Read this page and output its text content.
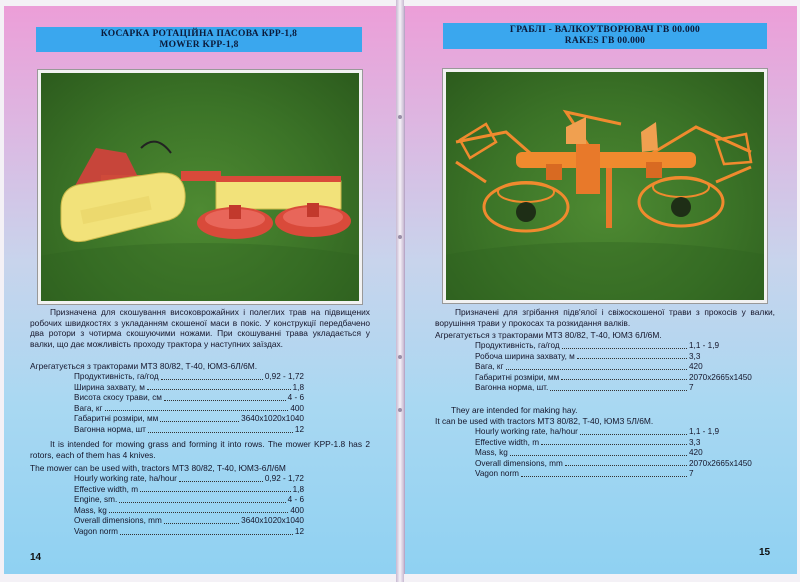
КОСАРКА РОТАЦІЙНА ПАСОВА КРР-1,8
MOWER KPP-1,8
Призначена для скошування високоврожайних і полеглих трав на підвищених робочих швидкостях з укладанням скошеної маси в покіс. У конструкції передбачено два ротори з чотирма скошуючими ножами. При скошуванні трава укладається у валки, що дає можливість проходу трактора у наступних заїздах.
Агрегатується з тракторами МТЗ 80/82, Т-40, ЮМЗ-6Л/6М.
Продуктивність, га/год	0,92 - 1,72
Ширина захвату, м	1,8
Висота скосу трави, см	4 - 6
Вага, кг	400
Габаритні розміри, мм	3640x1020x1040
Вагонна норма, шт	12
It is intended for mowing grass and forming it into rows. The mower KPP-1.8 has 2 rotors, each of them has 4 knives.
The mower can be used with, tractors MTЗ 80/82, T-40, ЮМЗ-6Л/6М
Hourly working rate, ha/hour	0,92 - 1,72
Effective width, m	1,8
Engine, sm.	4 - 6
Mass, kg	400
Overall dimensions, mm	3640x1020x1040
Vagon norm	12
14
ГРАБЛІ - ВАЛКОУТВОРЮВАЧ ГВ 00.000
RAKES ГВ 00.000
Призначені для згрібання підв'ялої і свіжоскошеної трави з прокосів у валки, ворушіння трави у прокосах та розкидання валків.
Агрегатується з тракторами МТЗ 80/82, Т-40, ЮМЗ 6Л/6М.
Продуктивність, га/год	1,1 - 1,9
Робоча ширина захвату, м	3,3
Вага, кг	420
Габаритні розміри, мм	2070x2665x1450
Вагонна норма, шт.	7
They are intended for making hay.
It can be used with tractors MTЗ 80/82, T-40, ЮМЗ 5Л/6М.
Hourly working rate, ha/hour	1,1 - 1,9
Effective width, m	3,3
Mass, kg	420
Overall dimensions, mm	2070x2665x1450
Vagon norm	7
15
